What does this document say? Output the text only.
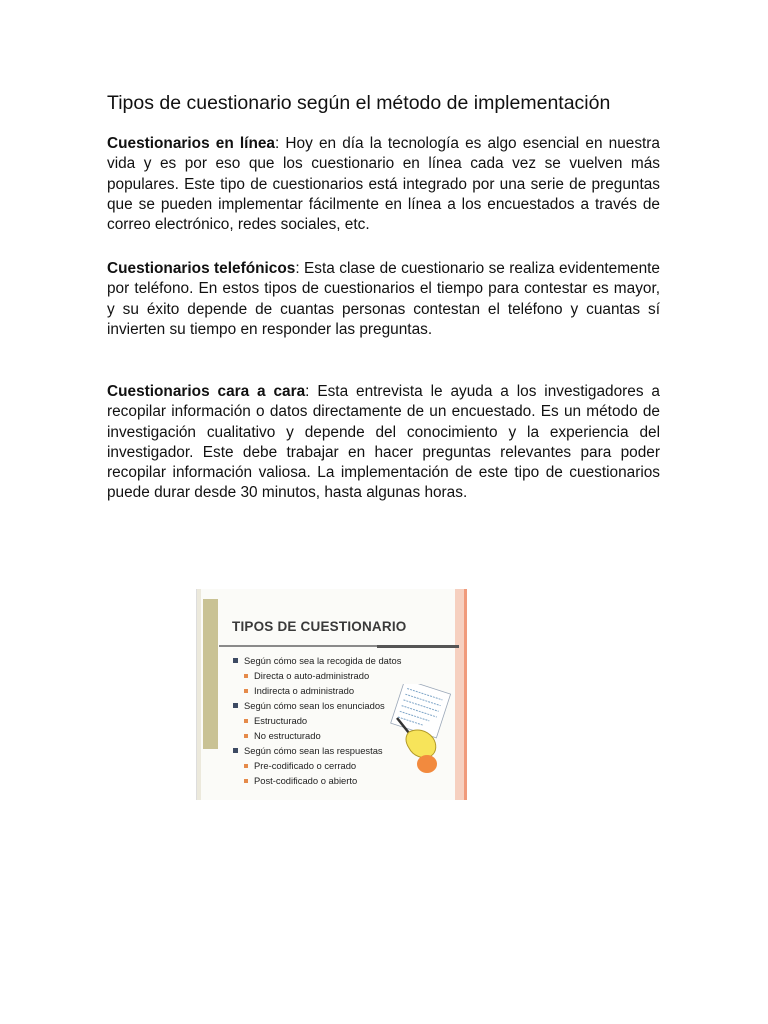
Tipos de cuestionario según el método de implementación

Cuestionarios en línea: Hoy en día la tecnología es algo esencial en nuestra vida y es por eso que los cuestionario en línea cada vez se vuelven más populares. Este tipo de cuestionarios está integrado por una serie de preguntas que se pueden implementar fácilmente en línea a los encuestados a través de correo electrónico, redes sociales, etc.

Cuestionarios telefónicos: Esta clase de cuestionario se realiza evidentemente por teléfono. En estos tipos de cuestionarios el tiempo para contestar es mayor, y su éxito depende de cuantas personas contestan el teléfono y cuantas sí invierten su tiempo en responder las preguntas.

Cuestionarios cara a cara: Esta entrevista le ayuda a los investigadores a recopilar información o datos directamente de un encuestado. Es un método de investigación cualitativo y depende del conocimiento y la experiencia del investigador. Este debe trabajar en hacer preguntas relevantes para poder recopilar información valiosa. La implementación de este tipo de cuestionarios puede durar desde 30 minutos, hasta algunas horas.

TIPOS DE CUESTIONARIO
Según cómo sea la recogida de datos
Directa o auto-administrado
Indirecta o administrado
Según cómo sean los enunciados
Estructurado
No estructurado
Según cómo sean las respuestas
Pre-codificado o cerrado
Post-codificado o abierto
